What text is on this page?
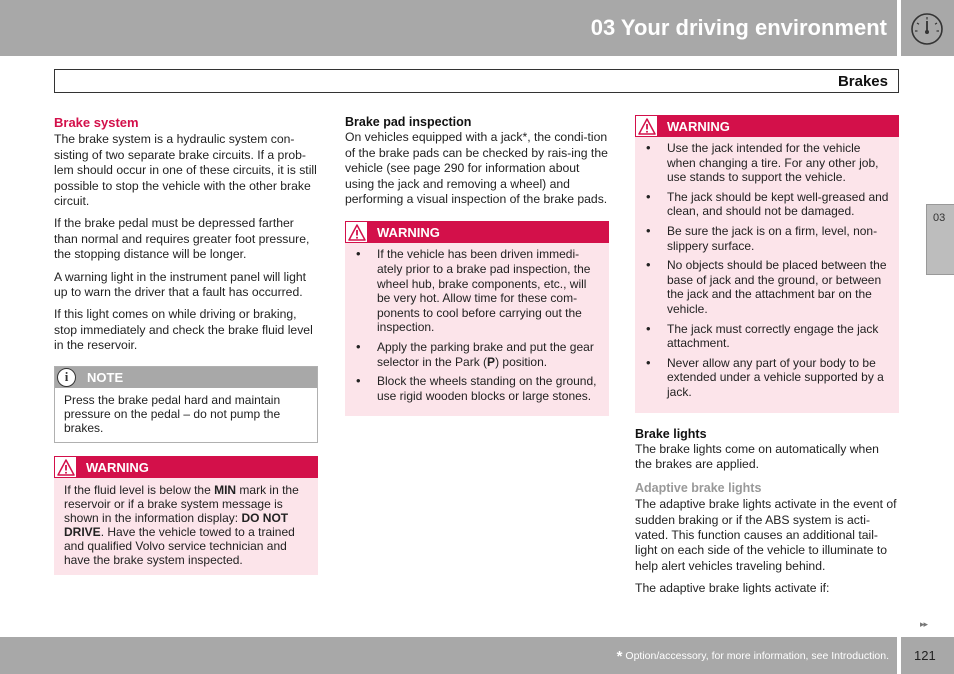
03 Your driving environment
Brakes
03
Brake system

The brake system is a hydraulic system con-sisting of two separate brake circuits. If a prob-lem should occur in one of these circuits, it is still possible to stop the vehicle with the other brake circuit.

If the brake pedal must be depressed farther than normal and requires greater foot pressure, the stopping distance will be longer.

A warning light in the instrument panel will light up to warn the driver that a fault has occurred.

If this light comes on while driving or braking, stop immediately and check the brake fluid level in the reservoir.

i	NOTE
Press the brake pedal hard and maintain pressure on the pedal – do not pump the brakes.
WARNING
If the fluid level is below the MIN mark in the reservoir or if a brake system message is shown in the information display: DO NOT DRIVE. Have the vehicle towed to a trained and qualified Volvo service technician and have the brake system inspected.
Brake pad inspection

On vehicles equipped with a jack*, the condi-tion of the brake pads can be checked by rais-ing the vehicle (see page 290 for information about using the jack and removing a wheel) and performing a visual inspection of the brake pads.

WARNING
• If the vehicle has been driven immedi-ately prior to a brake pad inspection, the wheel hub, brake components, etc., will be very hot. Allow time for these com-ponents to cool before carrying out the inspection.
• Apply the parking brake and put the gear selector in the Park (P) position.
• Block the wheels standing on the ground, use rigid wooden blocks or large stones.
WARNING
• Use the jack intended for the vehicle when changing a tire. For any other job, use stands to support the vehicle.
• The jack should be kept well-greased and clean, and should not be damaged.
• Be sure the jack is on a firm, level, non-slippery surface.
• No objects should be placed between the base of jack and the ground, or between the jack and the attachment bar on the vehicle.
• The jack must correctly engage the jack attachment.
• Never allow any part of your body to be extended under a vehicle supported by a jack.
Brake lights

The brake lights come on automatically when the brakes are applied.

Adaptive brake lights

The adaptive brake lights activate in the event of sudden braking or if the ABS system is acti-vated. This function causes an additional tail-light on each side of the vehicle to illuminate to help alert vehicles traveling behind.

The adaptive brake lights activate if:

▸▸
* Option/accessory, for more information, see Introduction. 121
